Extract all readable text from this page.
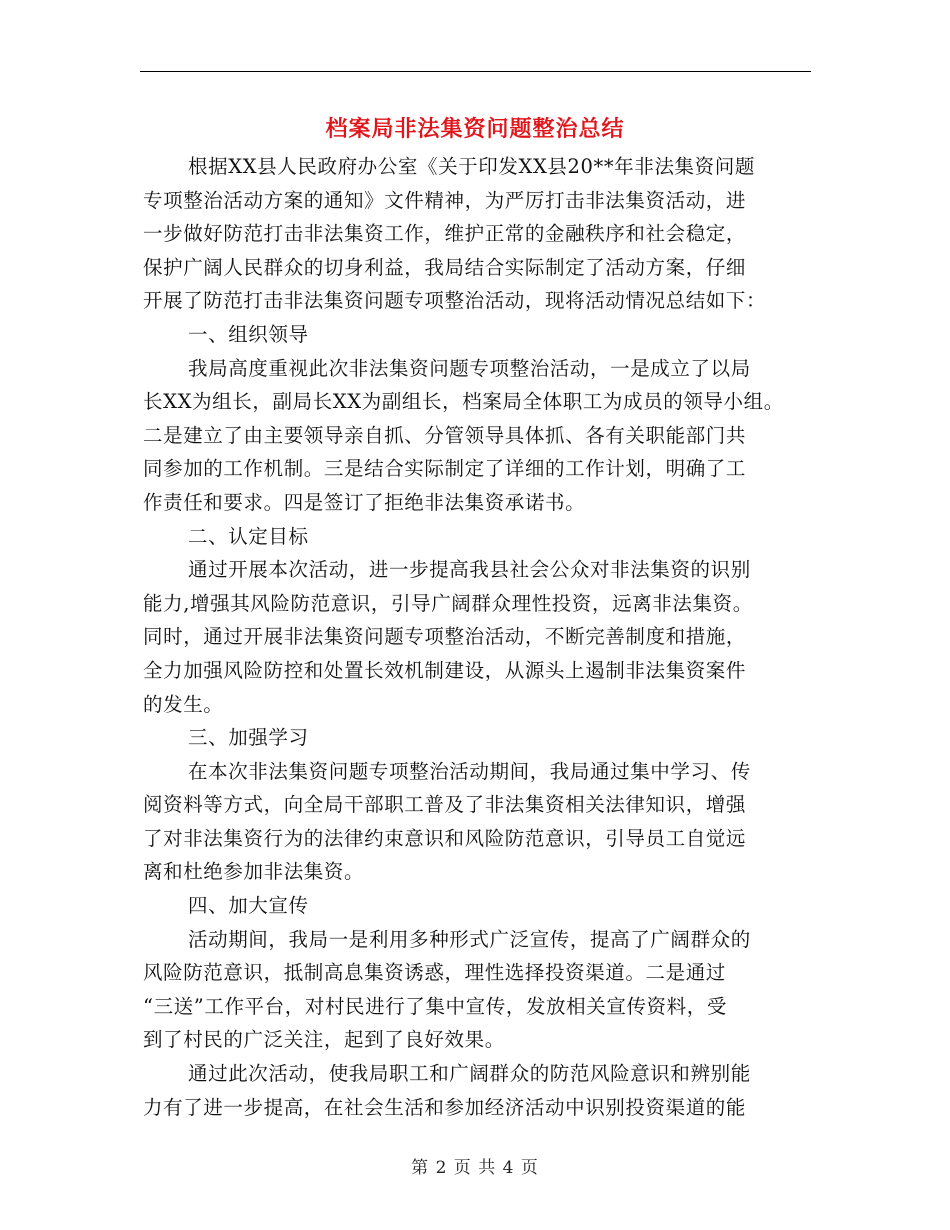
档案局非法集资问题整治总结
根据XX县人民政府办公室《关于印发XX县20**年非法集资问题
专项整治活动方案的通知》文件精神，为严厉打击非法集资活动，进
一步做好防范打击非法集资工作，维护正常的金融秩序和社会稳定，
保护广阔人民群众的切身利益，我局结合实际制定了活动方案，仔细
开展了防范打击非法集资问题专项整治活动，现将活动情况总结如下：
一、组织领导
我局高度重视此次非法集资问题专项整治活动，一是成立了以局
长XX为组长，副局长XX为副组长，档案局全体职工为成员的领导小组。
二是建立了由主要领导亲自抓、分管领导具体抓、各有关职能部门共
同参加的工作机制。三是结合实际制定了详细的工作计划，明确了工
作责任和要求。四是签订了拒绝非法集资承诺书。
二、认定目标
通过开展本次活动，进一步提高我县社会公众对非法集资的识别
能力,增强其风险防范意识，引导广阔群众理性投资，远离非法集资。
同时，通过开展非法集资问题专项整治活动，不断完善制度和措施，
全力加强风险防控和处置长效机制建设，从源头上遏制非法集资案件
的发生。
三、加强学习
在本次非法集资问题专项整治活动期间，我局通过集中学习、传
阅资料等方式，向全局干部职工普及了非法集资相关法律知识，增强
了对非法集资行为的法律约束意识和风险防范意识，引导员工自觉远
离和杜绝参加非法集资。
四、加大宣传
活动期间，我局一是利用多种形式广泛宣传，提高了广阔群众的
风险防范意识，抵制高息集资诱惑，理性选择投资渠道。二是通过
“三送”工作平台，对村民进行了集中宣传，发放相关宣传资料，受
到了村民的广泛关注，起到了良好效果。
通过此次活动，使我局职工和广阔群众的防范风险意识和辨别能
力有了进一步提高，在社会生活和参加经济活动中识别投资渠道的能
第 2 页 共 4 页
